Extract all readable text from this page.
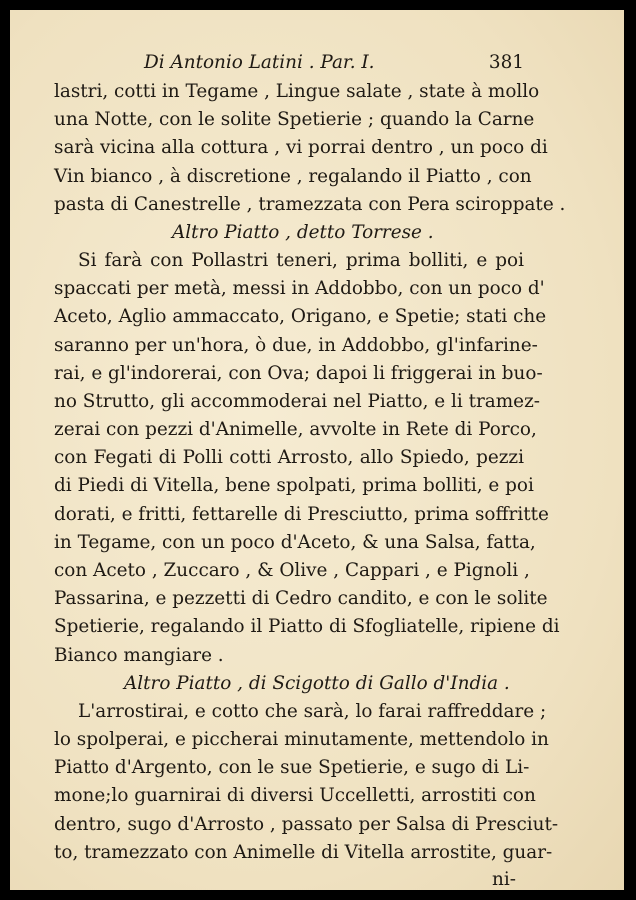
Di Antonio Latini . Par. I.	381
lastri, cotti in Tegame , Lingue salate , state à mollo
una Notte, con le solite Spetierie ; quando la Carne
sarà vicina alla cottura , vi porrai dentro , un poco di
Vin bianco , à discretione , regalando il Piatto , con
pasta di Canestrelle , tramezzata con Pera sciroppate .
Altro Piatto , detto Torrese .
Si farà con Pollastri teneri, prima bolliti, e poi
spaccati per metà, messi in Addobbo, con un poco d'
Aceto, Aglio ammaccato, Origano, e Spetie; stati che
saranno per un'hora, ò due, in Addobbo, gl'infarine-
rai, e gl'indorerai, con Ova; dapoi li friggerai in buo-
no Strutto, gli accommoderai nel Piatto, e li tramez-
zerai con pezzi d'Animelle, avvolte in Rete di Porco,
con Fegati di Polli cotti Arrosto, allo Spiedo, pezzi
di Piedi di Vitella, bene spolpati, prima bolliti, e poi
dorati, e fritti, fettarelle di Presciutto, prima soffritte
in Tegame, con un poco d'Aceto, & una Salsa, fatta,
con Aceto , Zuccaro , & Olive , Cappari , e Pignoli ,
Passarina, e pezzetti di Cedro candito, e con le solite
Spetierie, regalando il Piatto di Sfogliatelle, ripiene di
Bianco mangiare .
Altro Piatto , di Scigotto di Gallo d'India .
L'arrostirai, e cotto che sarà, lo farai raffreddare ;
lo spolperai, e piccherai minutamente, mettendolo in
Piatto d'Argento, con le sue Spetierie, e sugo di Li-
mone;lo guarnirai di diversi Uccelletti, arrostiti con
dentro, sugo d'Arrosto , passato per Salsa di Presciut-
to, tramezzato con Animelle di Vitella arrostite, guar-
ni-
